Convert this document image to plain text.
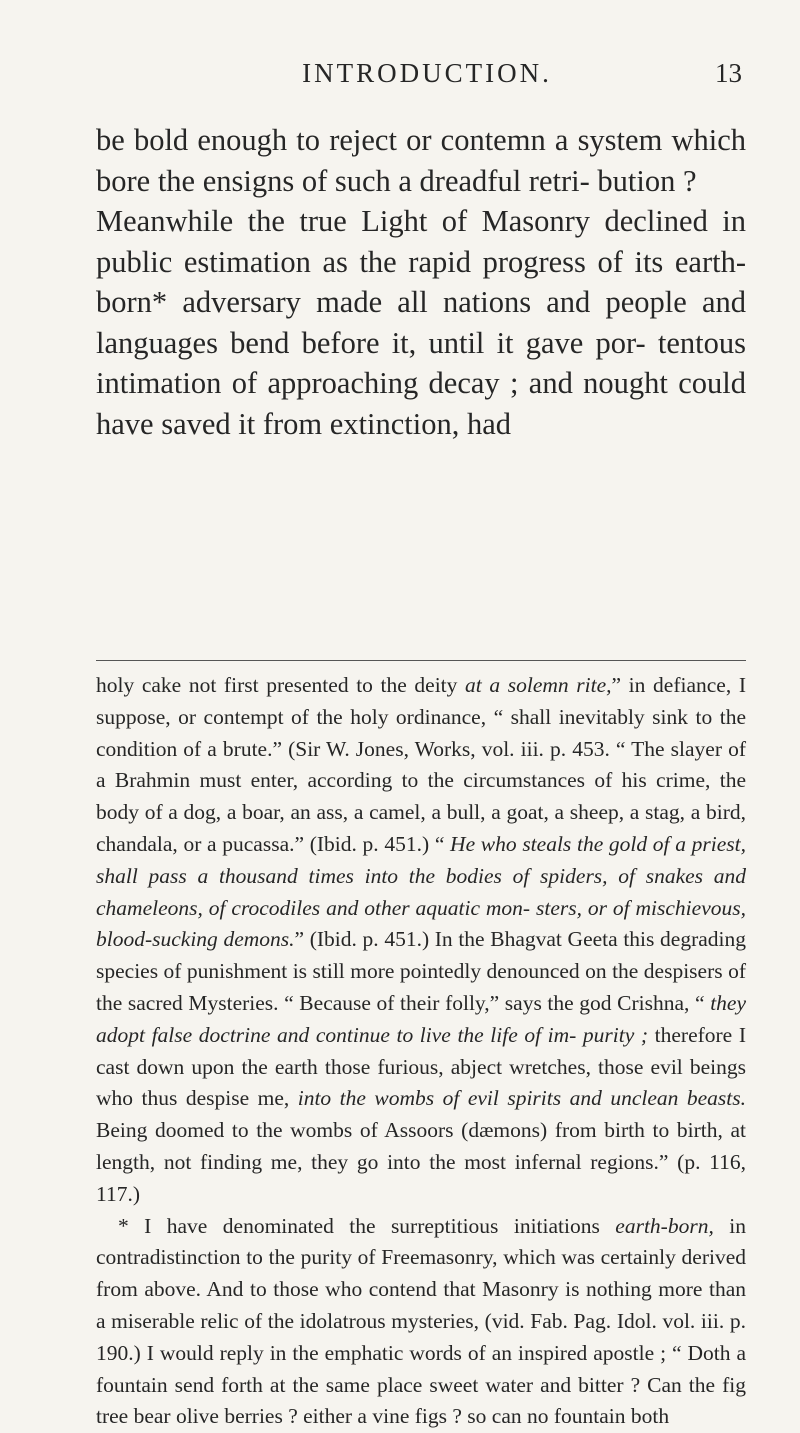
INTRODUCTION.	13

be bold enough to reject or contemn a system which bore the ensigns of such a dreadful retri- bution ?

Meanwhile the true Light of Masonry declined in public estimation as the rapid progress of its earth-born* adversary made all nations and people and languages bend before it, until it gave por- tentous intimation of approaching decay ; and nought could have saved it from extinction, had

holy cake not first presented to the deity at a solemn rite,” in defiance, I suppose, or contempt of the holy ordinance, “ shall inevitably sink to the condition of a brute.” (Sir W. Jones, Works, vol. iii. p. 453. “ The slayer of a Brahmin must enter, according to the circumstances of his crime, the body of a dog, a boar, an ass, a camel, a bull, a goat, a sheep, a stag, a bird, chandala, or a pucassa.” (Ibid. p. 451.) “ He who steals the gold of a priest, shall pass a thousand times into the bodies of spiders, of snakes and chameleons, of crocodiles and other aquatic mon- sters, or of mischievous, blood-sucking demons.” (Ibid. p. 451.) In the Bhagvat Geeta this degrading species of punishment is still more pointedly denounced on the despisers of the sacred Mysteries. “ Because of their folly,” says the god Crishna, “ they adopt false doctrine and continue to live the life of im- purity ; therefore I cast down upon the earth those furious, abject wretches, those evil beings who thus despise me, into the wombs of evil spirits and unclean beasts. Being doomed to the wombs of Assoors (dæmons) from birth to birth, at length, not finding me, they go into the most infernal regions.” (p. 116, 117.)

* I have denominated the surreptitious initiations earth-born, in contradistinction to the purity of Freemasonry, which was certainly derived from above. And to those who contend that Masonry is nothing more than a miserable relic of the idolatrous mysteries, (vid. Fab. Pag. Idol. vol. iii. p. 190.) I would reply in the emphatic words of an inspired apostle ; “ Doth a fountain send forth at the same place sweet water and bitter ? Can the fig tree bear olive berries ? either a vine figs ? so can no fountain both
